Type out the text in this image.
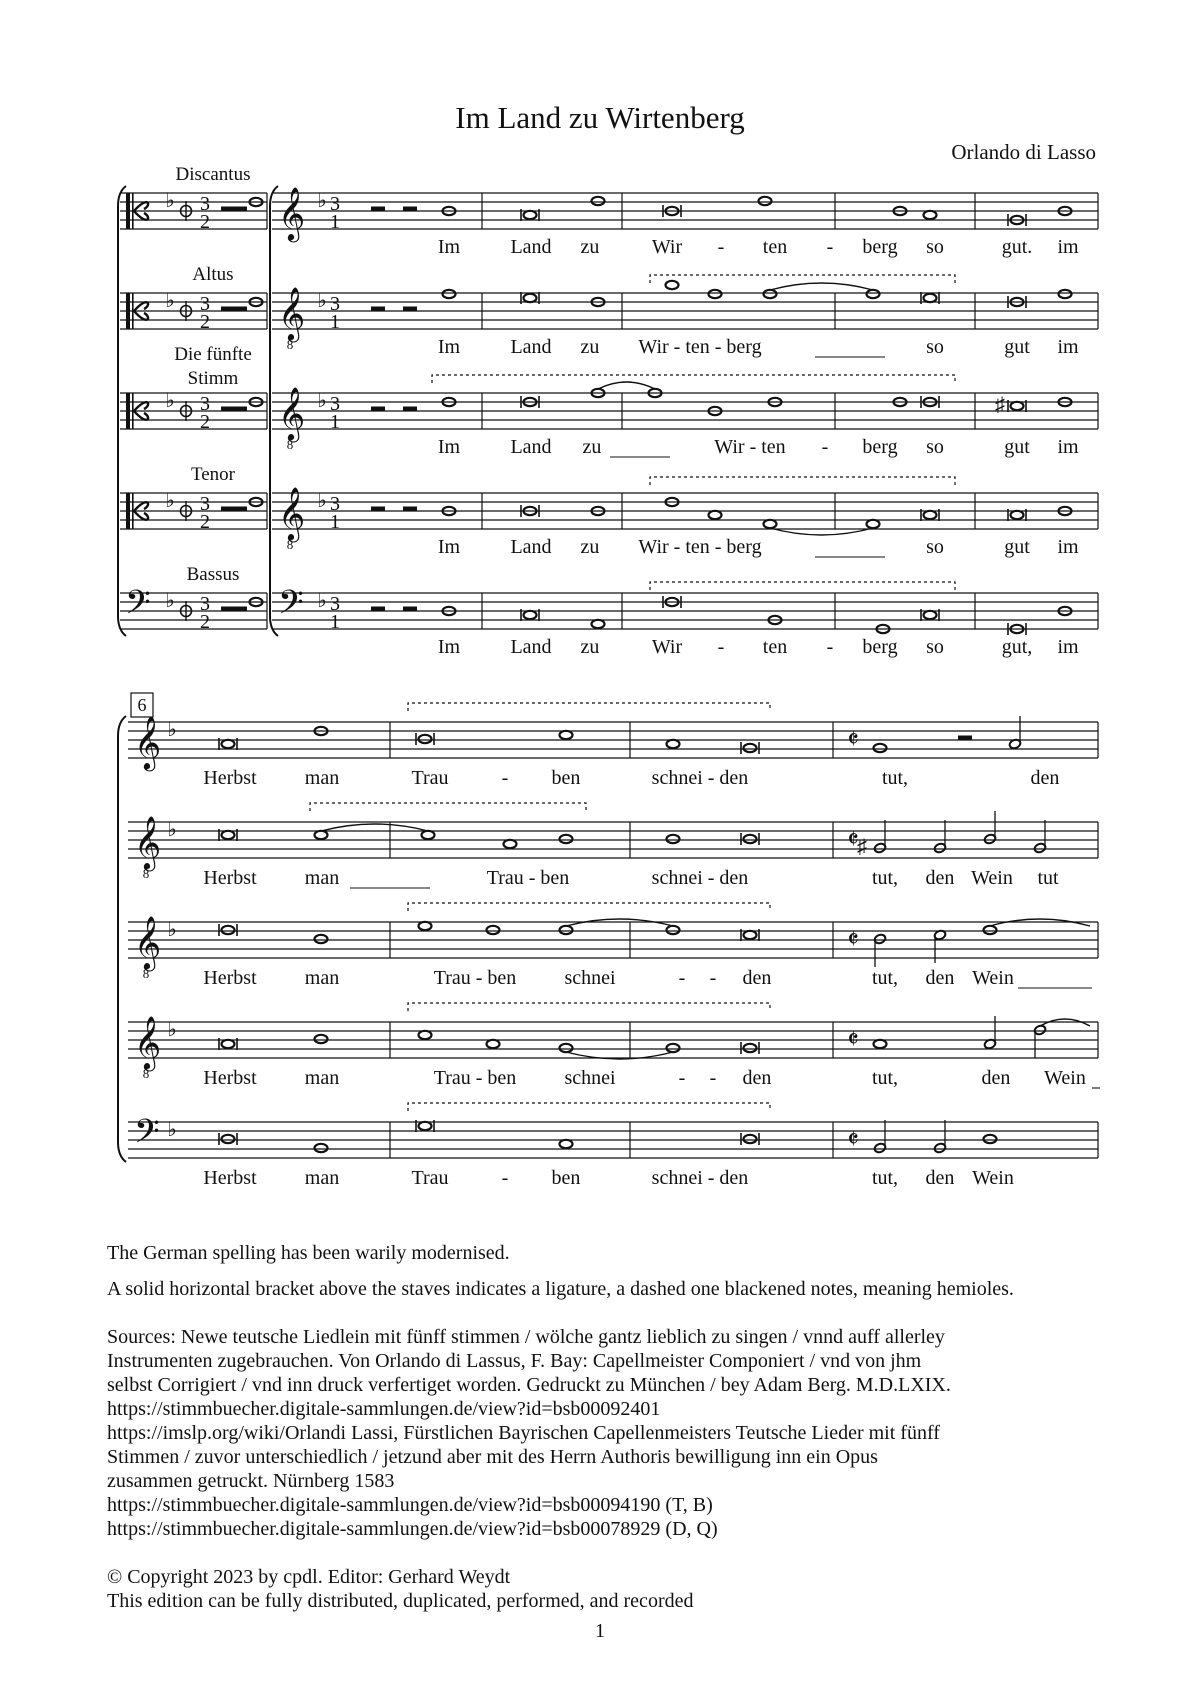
Im Land zu Wirtenberg
Orlando di Lasso
Discantus
Altus
Die fünfte
Stimm
Tenor
Bassus
♭ 3
2 𝄞 ♭ 3
1
♭ 3
2 𝄞
8
♭ 3
1
♭ 3
2 𝄞
8
♭ 3
1
♭ 3
2 𝄞
8
♭ 3
1
𝄢 ♭ 3
2 𝄢 ♭ 3
1
♯
Im	Land zu	Wir - ten - berg so	gut. im
Im	Land zu Wir - ten - berg	so	gut im
Im	Land zu	Wir - ten - berg so	gut im
Im	Land zu Wir - ten - berg	so	gut im
Im	Land zu	Wir - ten - berg so	gut, im
6
𝄞 ♭	𝄵
𝄞
8
♭	𝄵
𝄞
8
♭	𝄵
𝄞
8
♭	𝄵
𝄢 ♭	𝄵
♯
Herbst man	Trau	- ben	schnei - den	tut,	den
Herbst man	Trau - ben	schnei - den	tut, den Wein tut
Herbst man	Trau - ben schnei	- - den	tut, den Wein
Herbst man	Trau - ben schnei	- - den	tut,	den Wein
Herbst man	Trau	- ben	schnei - den	tut, den Wein

The German spelling has been warily modernised.

A solid horizontal bracket above the staves indicates a ligature, a dashed one blackened notes, meaning hemioles.

Sources: Newe teutsche Liedlein mit fünff stimmen / wölche gantz lieblich zu singen / vnnd auff allerley

Instrumenten zugebrauchen. Von Orlando di Lassus, F. Bay: Capellmeister Componiert / vnd von jhm

selbst Corrigiert / vnd inn druck verfertiget worden. Gedruckt zu München / bey Adam Berg. M.D.LXIX.

https://stimmbuecher.digitale-sammlungen.de/view?id=bsb00092401

https://imslp.org/wiki/Orlandi Lassi, Fürstlichen Bayrischen Capellenmeisters Teutsche Lieder mit fünff

Stimmen / zuvor unterschiedlich / jetzund aber mit des Herrn Authoris bewilligung inn ein Opus

zusammen getruckt. Nürnberg 1583

https://stimmbuecher.digitale-sammlungen.de/view?id=bsb00094190 (T, B)

https://stimmbuecher.digitale-sammlungen.de/view?id=bsb00078929 (D, Q)

© Copyright 2023 by cpdl. Editor: Gerhard Weydt

This edition can be fully distributed, duplicated, performed, and recorded

1
